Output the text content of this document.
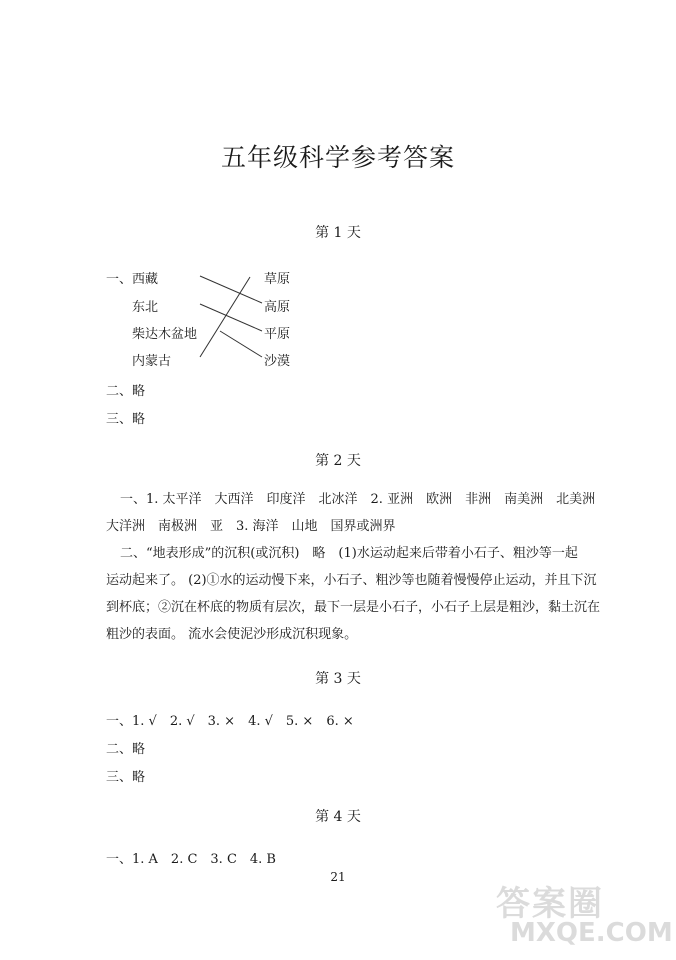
五年级科学参考答案
第 1 天
一、 西藏
东北
柴达木盆地
内蒙古
草原
高原
平原
沙漠
二、略
三、略
第 2 天
一、1. 太平洋　大西洋　印度洋　北冰洋　2. 亚洲　欧洲　非洲　南美洲　北美洲
大洋洲　南极洲　亚　3. 海洋　山地　国界或洲界
二、“地表形成”的沉积(或沉积)　略　(1)水运动起来后带着小石子、粗沙等一起
运动起来了。 (2)①水的运动慢下来，小石子、粗沙等也随着慢慢停止运动，并且下沉
到杯底；②沉在杯底的物质有层次，最下一层是小石子，小石子上层是粗沙，黏土沉在
粗沙的表面。 流水会使泥沙形成沉积现象。
第 3 天
一、1. √　2. √　3. ×　4. √　5. ×　6. ×
二、略
三、略
第 4 天
一、1. A　2. C　3. C　4. B
21
答案圈
MXQE.COM
